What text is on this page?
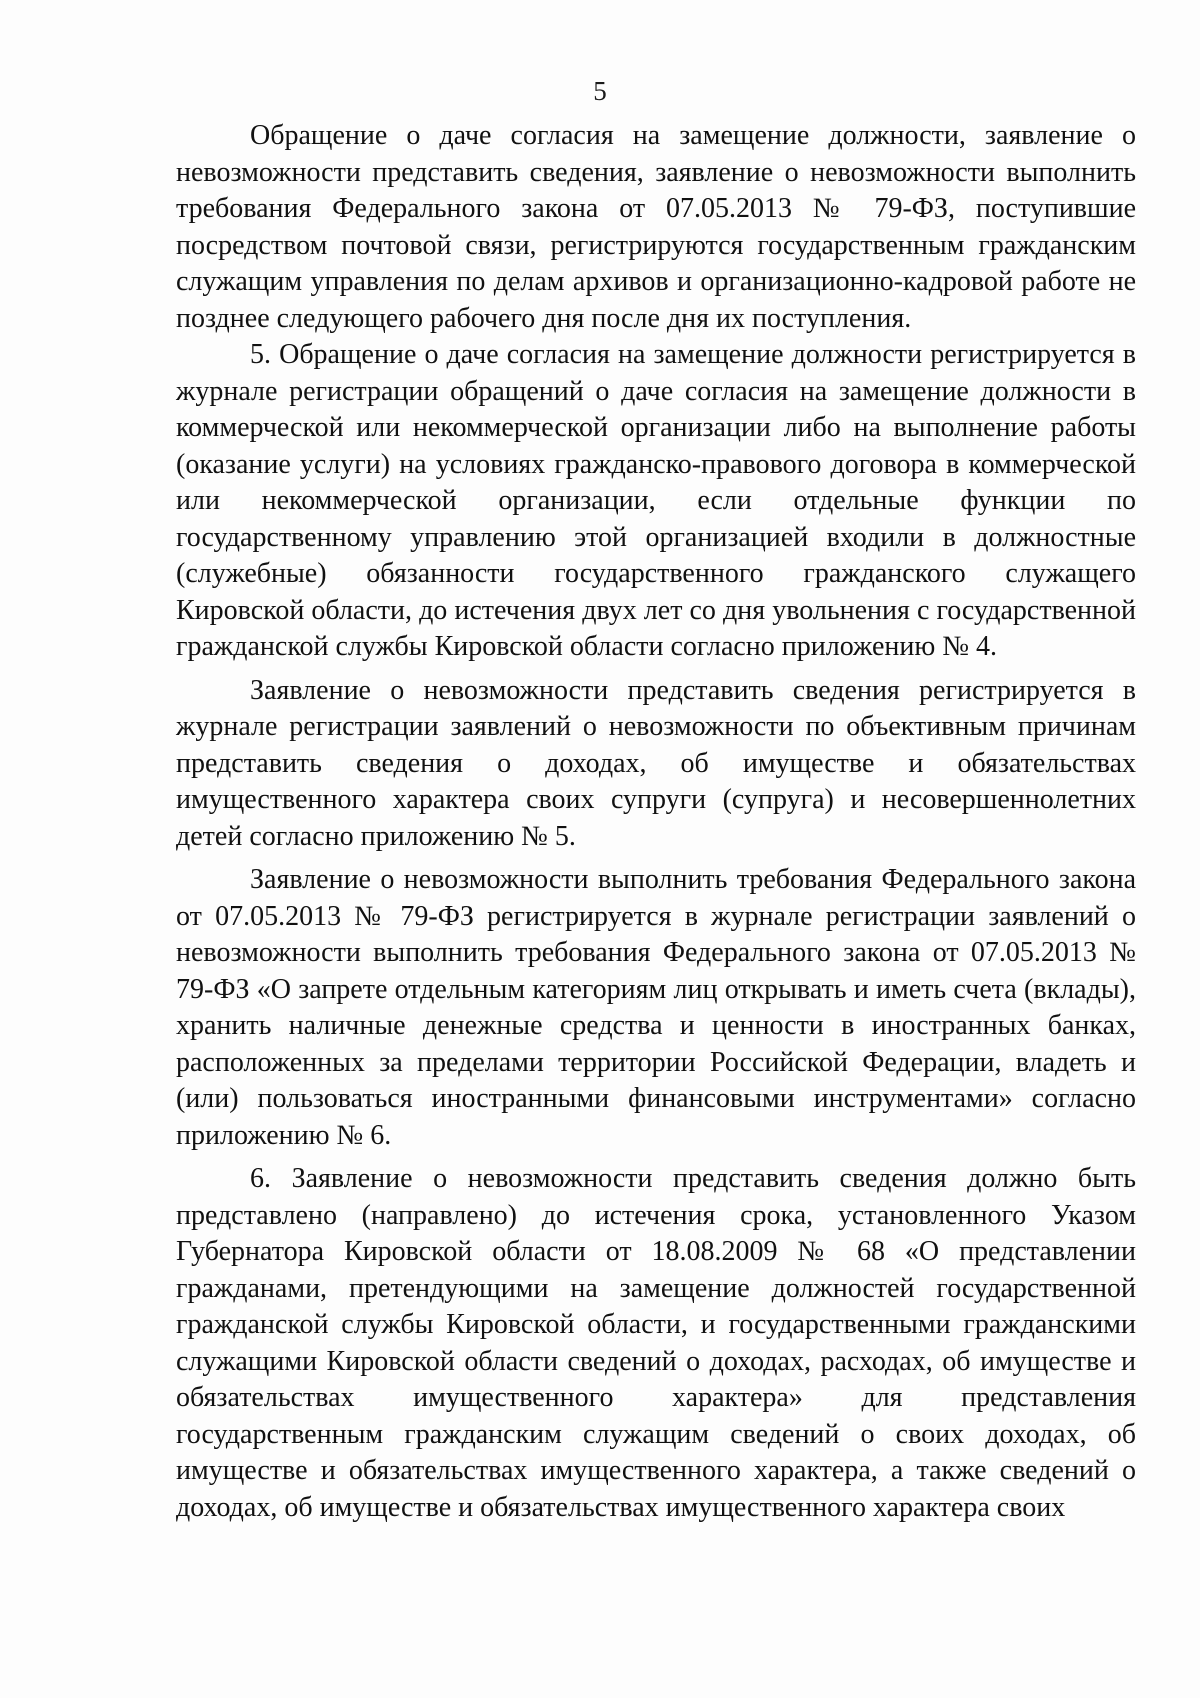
5

Обращение о даче согласия на замещение должности, заявление о невозможности представить сведения, заявление о невозможности выполнить требования Федерального закона от 07.05.2013 № 79-ФЗ, поступившие посредством почтовой связи, регистрируются государственным гражданским служащим управления по делам архивов и организационно-кадровой работе не позднее следующего рабочего дня после дня их поступления.

5. Обращение о даче согласия на замещение должности регистрируется в журнале регистрации обращений о даче согласия на замещение должности в коммерческой или некоммерческой организации либо на выполнение работы (оказание услуги) на условиях гражданско-правового договора в коммерческой или некоммерческой организации, если отдельные функции по государственному управлению этой организацией входили в должностные (служебные) обязанности государственного гражданского служащего Кировской области, до истечения двух лет со дня увольнения с государственной гражданской службы Кировской области согласно приложению № 4.

Заявление о невозможности представить сведения регистрируется в журнале регистрации заявлений о невозможности по объективным причинам представить сведения о доходах, об имуществе и обязательствах имущественного характера своих супруги (супруга) и несовершеннолетних детей согласно приложению № 5.

Заявление о невозможности выполнить требования Федерального закона от 07.05.2013 № 79-ФЗ регистрируется в журнале регистрации заявлений о невозможности выполнить требования Федерального закона от 07.05.2013 № 79-ФЗ «О запрете отдельным категориям лиц открывать и иметь счета (вклады), хранить наличные денежные средства и ценности в иностранных банках, расположенных за пределами территории Российской Федерации, владеть и (или) пользоваться иностранными финансовыми инструментами» согласно приложению № 6.

6. Заявление о невозможности представить сведения должно быть представлено (направлено) до истечения срока, установленного Указом Губернатора Кировской области от 18.08.2009 № 68 «О представлении гражданами, претендующими на замещение должностей государственной гражданской службы Кировской области, и государственными гражданскими служащими Кировской области сведений о доходах, расходах, об имуществе и обязательствах имущественного характера» для представления государственным гражданским служащим сведений о своих доходах, об имуществе и обязательствах имущественного характера, а также сведений о доходах, об имуществе и обязательствах имущественного характера своих
